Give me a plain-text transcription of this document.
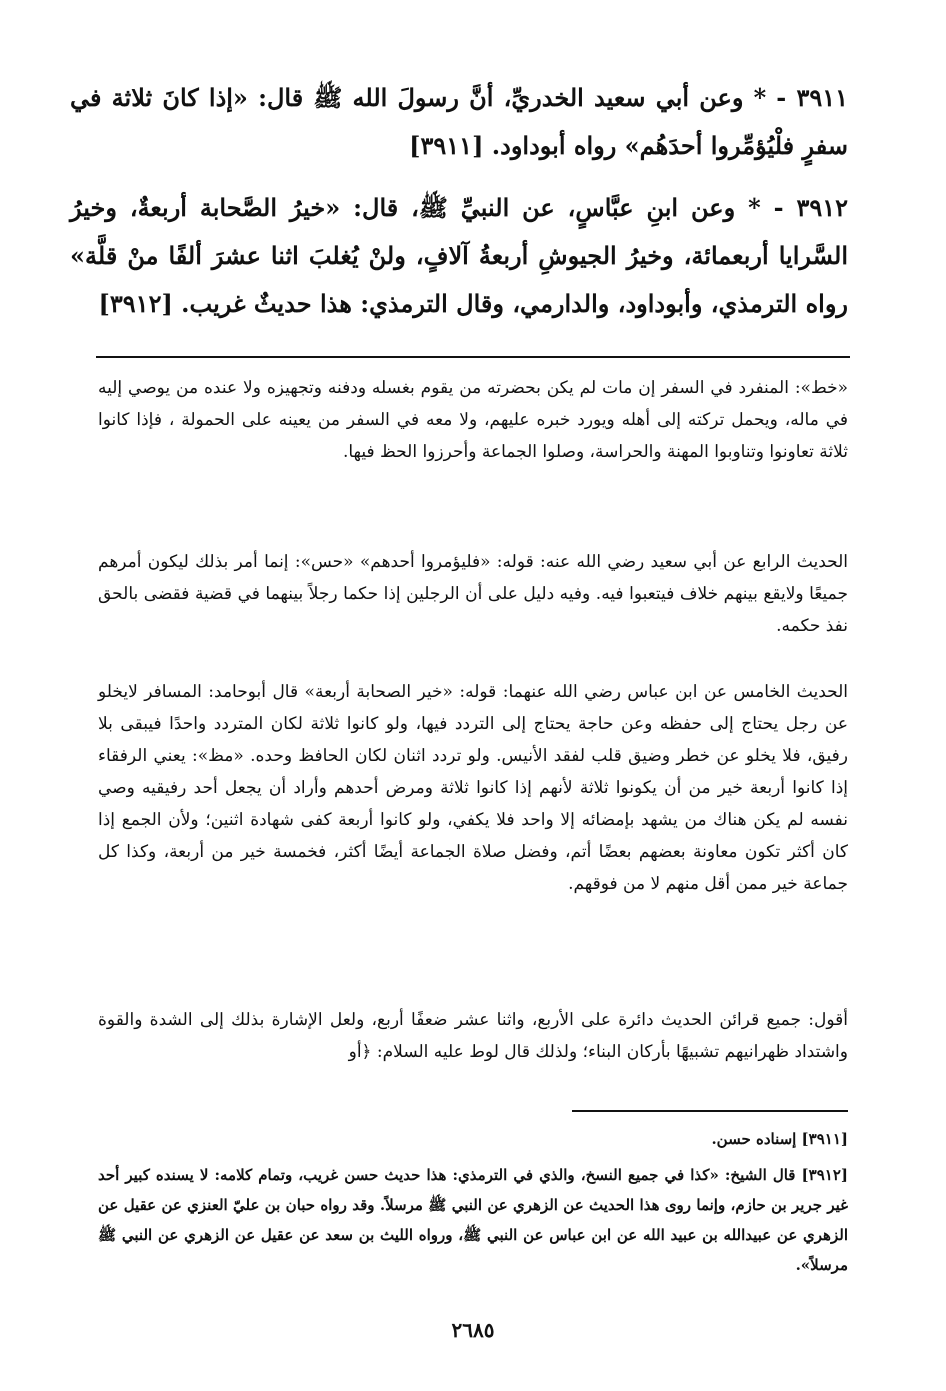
٣٩١١ - * وعن أبي سعيد الخدريِّ، أنَّ رسولَ الله ﷺ قال: «إذا كانَ ثلاثة في سفرٍ فلْيُؤمِّروا أحدَهُم» رواه أبوداود. [٣٩١١]

٣٩١٢ - * وعن ابنِ عبَّاسٍ، عن النبيِّ ﷺ، قال: «خيرُ الصَّحابة أربعةٌ، وخيرُ السَّرايا أربعمائة، وخيرُ الجيوشِ أربعةُ آلافٍ، ولنْ يُغلبَ اثنا عشرَ ألفًا منْ قلَّة» رواه الترمذي، وأبوداود، والدارمي، وقال الترمذي: هذا حديثٌ غريب. [٣٩١٢]

«خط»: المنفرد في السفر إن مات لم يكن بحضرته من يقوم بغسله ودفنه وتجهيزه ولا عنده من يوصي إليه في ماله، ويحمل تركته إلى أهله ويورد خبره عليهم، ولا معه في السفر من يعينه على الحمولة ، فإذا كانوا ثلاثة تعاونوا وتناوبوا المهنة والحراسة، وصلوا الجماعة وأحرزوا الحظ فيها.

الحديث الرابع عن أبي سعيد رضي الله عنه: قوله: «فليؤمروا أحدهم» «حس»: إنما أمر بذلك ليكون أمرهم جميعًا ولايقع بينهم خلاف فيتعبوا فيه. وفيه دليل على أن الرجلين إذا حكما رجلاً بينهما في قضية فقضى بالحق نفذ حكمه.

الحديث الخامس عن ابن عباس رضي الله عنهما: قوله: «خير الصحابة أربعة» قال أبوحامد: المسافر لايخلو عن رجل يحتاج إلى حفظه وعن حاجة يحتاج إلى التردد فيها، ولو كانوا ثلاثة لكان المتردد واحدًا فيبقى بلا رفيق، فلا يخلو عن خطر وضيق قلب لفقد الأنيس. ولو تردد اثنان لكان الحافظ وحده. «مظ»: يعني الرفقاء إذا كانوا أربعة خير من أن يكونوا ثلاثة لأنهم إذا كانوا ثلاثة ومرض أحدهم وأراد أن يجعل أحد رفيقيه وصي نفسه لم يكن هناك من يشهد بإمضائه إلا واحد فلا يكفي، ولو كانوا أربعة كفى شهادة اثنين؛ ولأن الجمع إذا كان أكثر تكون معاونة بعضهم بعضًا أتم، وفضل صلاة الجماعة أيضًا أكثر، فخمسة خير من أربعة، وكذا كل جماعة خير ممن أقل منهم لا من فوقهم.

أقول: جميع قرائن الحديث دائرة على الأربع، واثنا عشر ضعفًا أربع، ولعل الإشارة بذلك إلى الشدة والقوة واشتداد ظهرانيهم تشبيهًا بأركان البناء؛ ولذلك قال لوط عليه السلام: ﴿أو

[٣٩١١] إسناده حسن.

[٣٩١٢] قال الشيخ: «كذا في جميع النسخ، والذي في الترمذي: هذا حديث حسن غريب، وتمام كلامه: لا يسنده كبير أحد غير جرير بن حازم، وإنما روى هذا الحديث عن الزهري عن النبي ﷺ مرسلاً. وقد رواه حبان بن عليّ العنزي عن عقيل عن الزهري عن عبيدالله بن عبيد الله عن ابن عباس عن النبي ﷺ، ورواه الليث بن سعد عن عقيل عن الزهري عن النبي ﷺ مرسلاً».

٢٦٨٥
